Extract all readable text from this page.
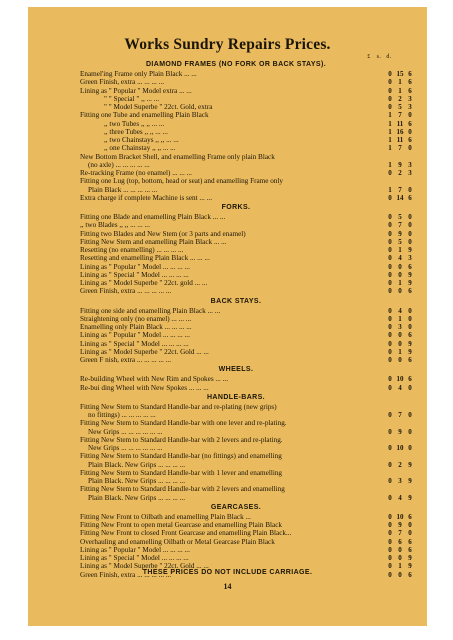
Works Sundry Repairs Prices.
£ s. d.
DIAMOND FRAMES (NO FORK OR BACK STAYS).
Enamel'ing Frame only Plain Black ... ...	0 15 6
Green Finish, extra ... ... ... ...	0 1 6
Lining as " Popular " Model extra ... ...	0 1 6
" " Special " ,, ... ...	0 2 3
" " Model Superbe " 22ct. Gold, extra	0 5 3
Fitting one Tube and enamelling Plain Black	1 7 0
,, two Tubes ,, ,, ... ...	1 11 6
,, three Tubes ,, ,, ... ...	1 16 0
,, two Chainstays ,, ,, ... ...	1 11 6
,, one Chainstay ,, ,, ... ...	1 7 0
New Bottom Bracket Shell, and enamelling Frame only plain Black
(no axle) ... ... ... ... ...	1 9 3
Re-tracking Frame (no enamel) ... ... ...	0 2 3
Fitting one Lug (top, bottom, head or seat) and enamelling Frame only
Plain Black ... ... ... ... ...	1 7 0
Extra charge if complete Machine is sent ... ...	0 14 6
FORKS.
Fitting one Blade and enamelling Plain Black ... ...	0 5 0
,, two Blades ,, ,, ... ... ...	0 7 0
Fitting two Blades and New Stem (or 3 parts and enamel)	0 9 0
Fitting New Stem and enamelling Plain Black ... ...	0 5 0
Resetting (no enamelling) ... ... ... ...	0 1 9
Resetting and enamelling Plain Black ... ... ...	0 4 3
Lining as " Popular " Model ... ... ... ...	0 0 6
Lining as " Special " Model ... ... ... ...	0 0 9
Lining as " Model Superbe " 22ct. gold ... ...	0 1 9
Green Finish, extra ... ... ... ... ...	0 0 6
BACK STAYS.
Fitting one side and enamelling Plain Black ... ...	0 4 0
Straightening only (no enamel) ... ... ...	0 1 0
Enamelling only Plain Black ... ... ... ...	0 3 0
Lining as " Popular " Model ... ... ... ...	0 0 6
Lining as " Special " Model ... ... ... ...	0 0 9
Lining as " Model Superbe " 22ct. Gold ... ...	0 1 9
Green F nish, extra ... ... ... ... ...	0 0 6
WHEELS.
Re-building Wheel with New Rim and Spokes ... ...	0 10 6
Re-bui ding Wheel with New Spokes ... ... ...	0 4 0
HANDLE-BARS.
Fitting New Stem to Standard Handle-bar and re-plating (new grips)
no fittings) ... ... ... ... ...	0 7 0
Fitting New Stem to Standard Handle-bar with one lever and re-plating.
New Grips ... ... ... ... ... ...	0 9 0
Fitting New Stem to Standard Handle-bar with 2 levers and re-plating.
New Grips ... ... ... ... ... ...	0 10 0
Fitting New Stem to Standard Handle-bar (no fittings) and enamelling
Plain Black. New Grips ... ... ... ...	0 2 9
Fitting New Stem to Standard Handle-bar with 1 lever and enamelling
Plain Black. New Grips ... ... ... ...	0 3 9
Fitting New Stem to Standard Handle-bar with 2 levers and enamelling
Plain Black. New Grips ... ... ... ...	0 4 9
GEARCASES.
Fitting New Front to Oilbath and enamelling Plain Black ...	0 10 6
Fitting New Front to open metal Gearcase and enamelling Plain Black	0 9 0
Fitting New Front to closed Front Gearcase and enamelling Plain Black...	0 7 0
Overhauling and enamelling Oilbath or Metal Gearcase Plain Black	0 6 6
Lining as " Popular " Model ... ... ... ...	0 0 6
Lining as " Special " Model ... ... ... ...	0 0 9
Lining as " Model Superbe " 22ct. Gold ... ...	0 1 9
Green Finish, extra ... ... ... ... ...	0 0 6
THESE PRICES DO NOT INCLUDE CARRIAGE.
14
